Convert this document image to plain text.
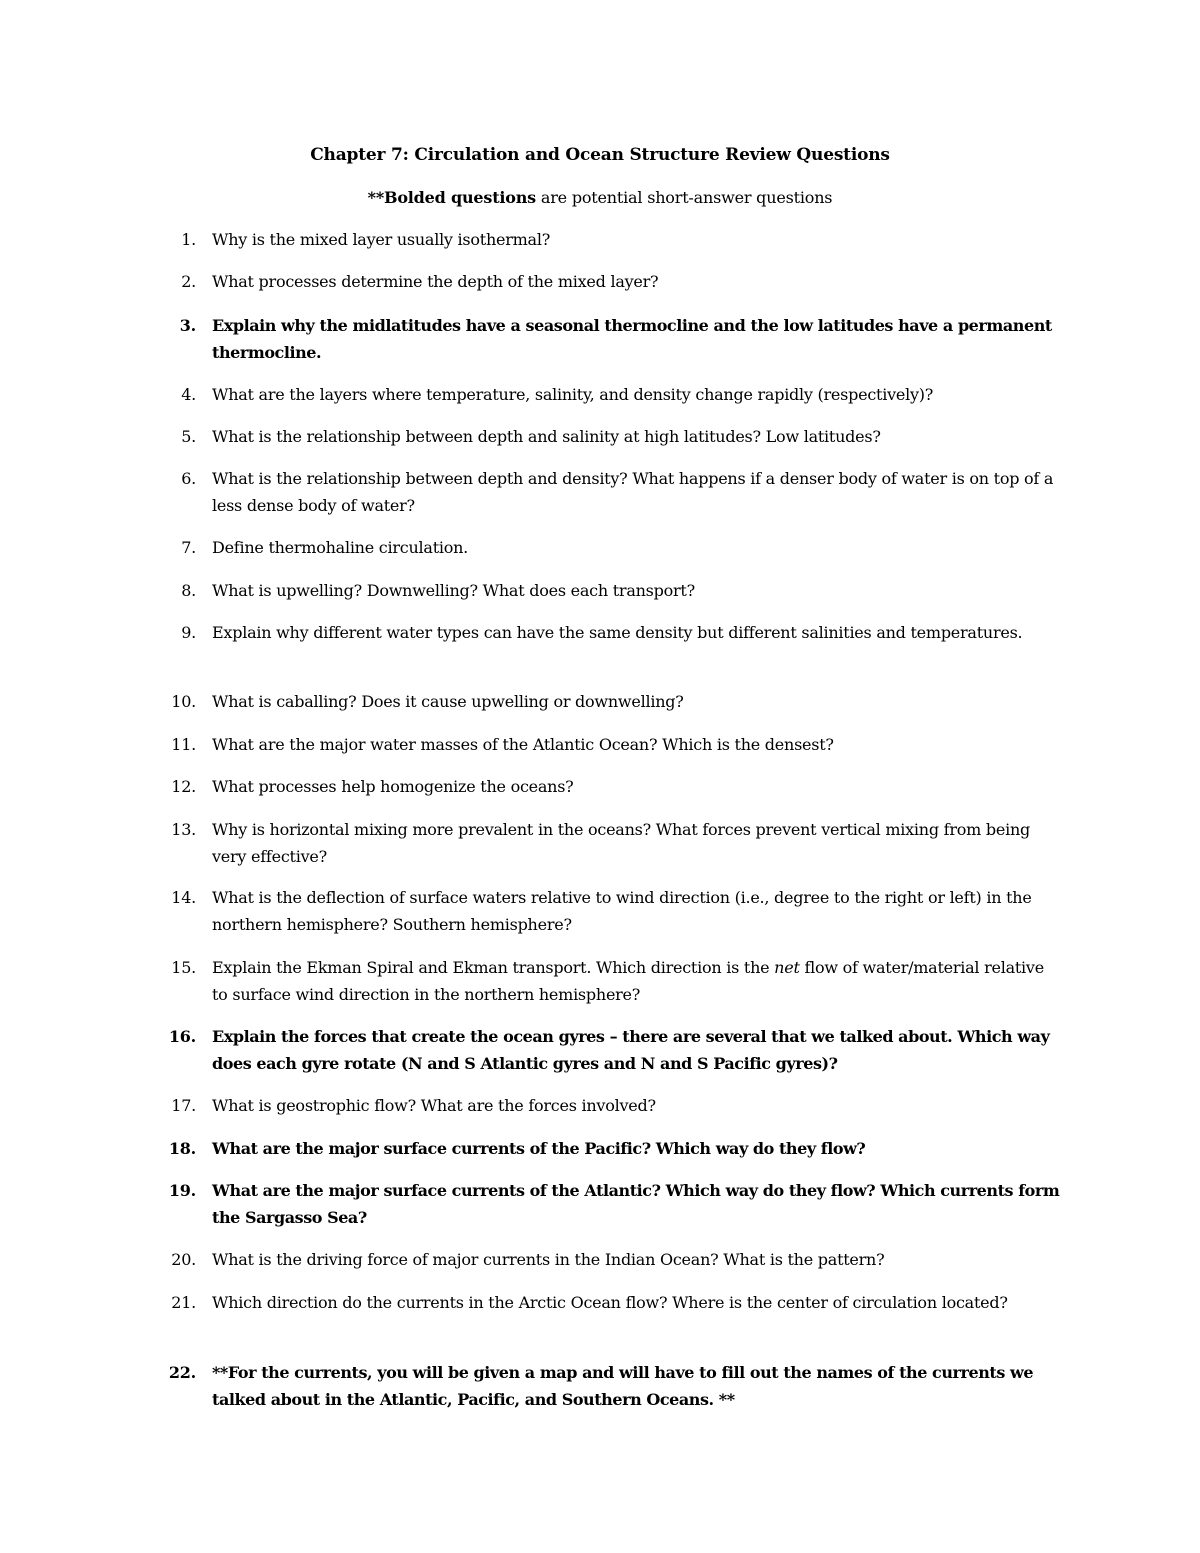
Chapter 7: Circulation and Ocean Structure Review Questions
**Bolded questions are potential short-answer questions
1. Why is the mixed layer usually isothermal?
2. What processes determine the depth of the mixed layer?
3. Explain why the midlatitudes have a seasonal thermocline and the low latitudes have a permanent thermocline.
4. What are the layers where temperature, salinity, and density change rapidly (respectively)?
5. What is the relationship between depth and salinity at high latitudes? Low latitudes?
6. What is the relationship between depth and density? What happens if a denser body of water is on top of a less dense body of water?
7. Define thermohaline circulation.
8. What is upwelling? Downwelling? What does each transport?
9. Explain why different water types can have the same density but different salinities and temperatures.
10. What is caballing? Does it cause upwelling or downwelling?
11. What are the major water masses of the Atlantic Ocean? Which is the densest?
12. What processes help homogenize the oceans?
13. Why is horizontal mixing more prevalent in the oceans? What forces prevent vertical mixing from being very effective?
14. What is the deflection of surface waters relative to wind direction (i.e., degree to the right or left) in the northern hemisphere? Southern hemisphere?
15. Explain the Ekman Spiral and Ekman transport. Which direction is the net flow of water/material relative to surface wind direction in the northern hemisphere?
16. Explain the forces that create the ocean gyres – there are several that we talked about. Which way does each gyre rotate (N and S Atlantic gyres and N and S Pacific gyres)?
17. What is geostrophic flow? What are the forces involved?
18. What are the major surface currents of the Pacific? Which way do they flow?
19. What are the major surface currents of the Atlantic? Which way do they flow? Which currents form the Sargasso Sea?
20. What is the driving force of major currents in the Indian Ocean? What is the pattern?
21. Which direction do the currents in the Arctic Ocean flow? Where is the center of circulation located?
22. **For the currents, you will be given a map and will have to fill out the names of the currents we talked about in the Atlantic, Pacific, and Southern Oceans. **
